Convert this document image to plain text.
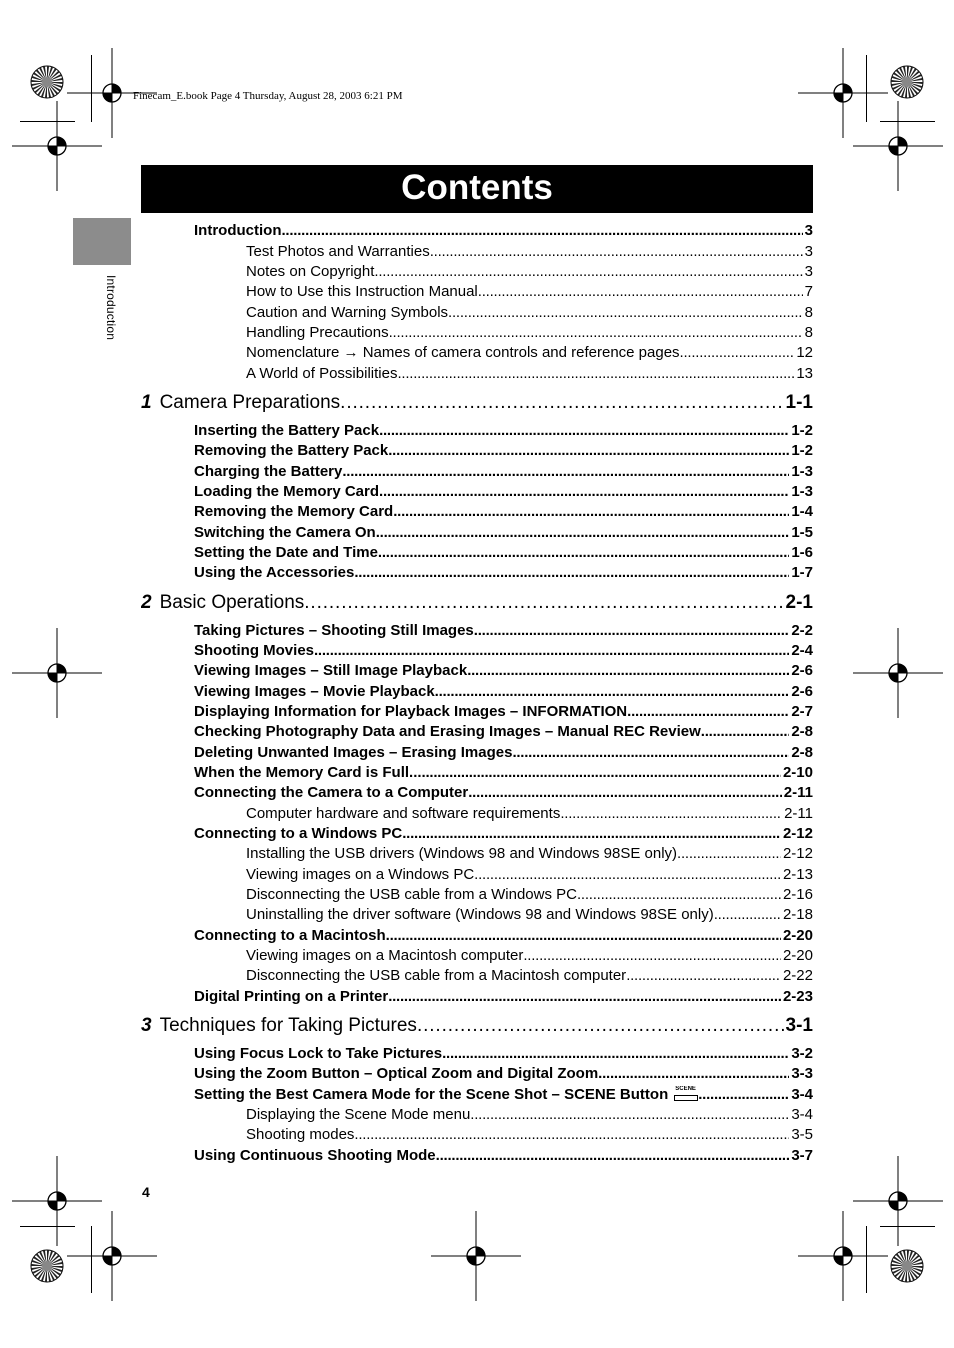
Finecam_E.book Page 4 Thursday, August 28, 2003 6:21 PM
Contents
Introduction
Introduction . . .	3
Test Photos and Warranties . . .	3
Notes on Copyright . . .	3
How to Use this Instruction Manual . . .	7
Caution and Warning Symbols . . .	8
Handling Precautions . . .	8
Nomenclature → Names of camera controls and reference pages . . .	12
A World of Possibilities . . .	13
1 Camera Preparations . . .	1-1
Inserting the Battery Pack . . .	1-2
Removing the Battery Pack . . .	1-2
Charging the Battery . . .	1-3
Loading the Memory Card . . .	1-3
Removing the Memory Card . . .	1-4
Switching the Camera On . . .	1-5
Setting the Date and Time . . .	1-6
Using the Accessories . . .	1-7
2 Basic Operations . . .	2-1
Taking Pictures – Shooting Still Images . . .	2-2
Shooting Movies . . .	2-4
Viewing Images – Still Image Playback . . .	2-6
Viewing Images – Movie Playback . . .	2-6
Displaying Information for Playback Images – INFORMATION . . .	2-7
Checking Photography Data and Erasing Images – Manual REC Review . . .	2-8
Deleting Unwanted Images – Erasing Images . . .	2-8
When the Memory Card is Full... . . .	2-10
Connecting the Camera to a Computer . . .	2-11
Computer hardware and software requirements . . .	2-11
Connecting to a Windows PC . . .	2-12
Installing the USB drivers (Windows 98 and Windows 98SE only) . . .	2-12
Viewing images on a Windows PC . . .	2-13
Disconnecting the USB cable from a Windows PC . . .	2-16
Uninstalling the driver software (Windows 98 and Windows 98SE only) . . .	2-18
Connecting to a Macintosh . . .	2-20
Viewing images on a Macintosh computer . . .	2-20
Disconnecting the USB cable from a Macintosh computer . . .	2-22
Digital Printing on a Printer . . .	2-23
3 Techniques for Taking Pictures . . .	3-1
Using Focus Lock to Take Pictures . . .	3-2
Using the Zoom Button – Optical Zoom and Digital Zoom . . .	3-3
Setting the Best Camera Mode for the Scene Shot – SCENE Button SCENE . . .	3-4
Displaying the Scene Mode menu . . .	3-4
Shooting modes . . .	3-5
Using Continuous Shooting Mode . . .	3-7
4
